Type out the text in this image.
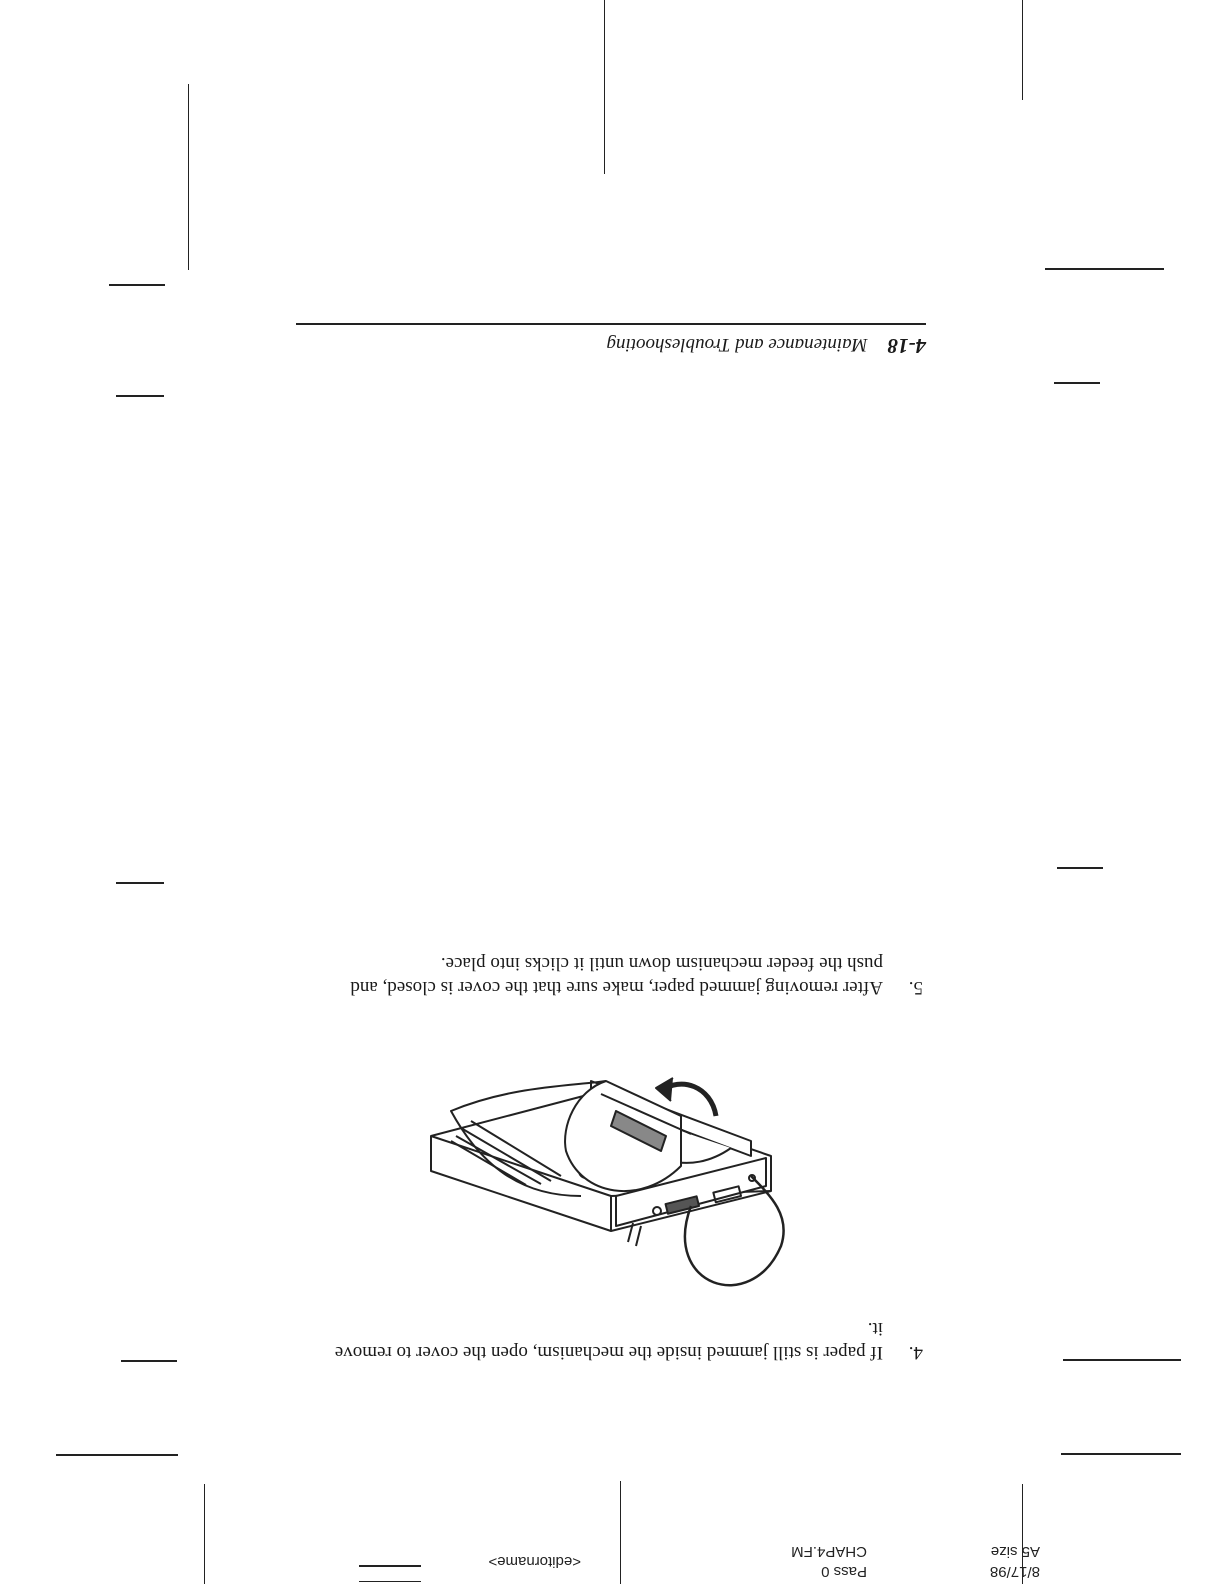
8/17/98
A5 size
Pass 0
CHAP4.FM
<editorname>
4-18
Maintenance and Troubleshooting
5.
After removing jammed paper, make sure that the cover is closed, and push the feeder mechanism down until it clicks into place.
4.
If paper is still jammed inside the mechanism, open the cover to remove it.
